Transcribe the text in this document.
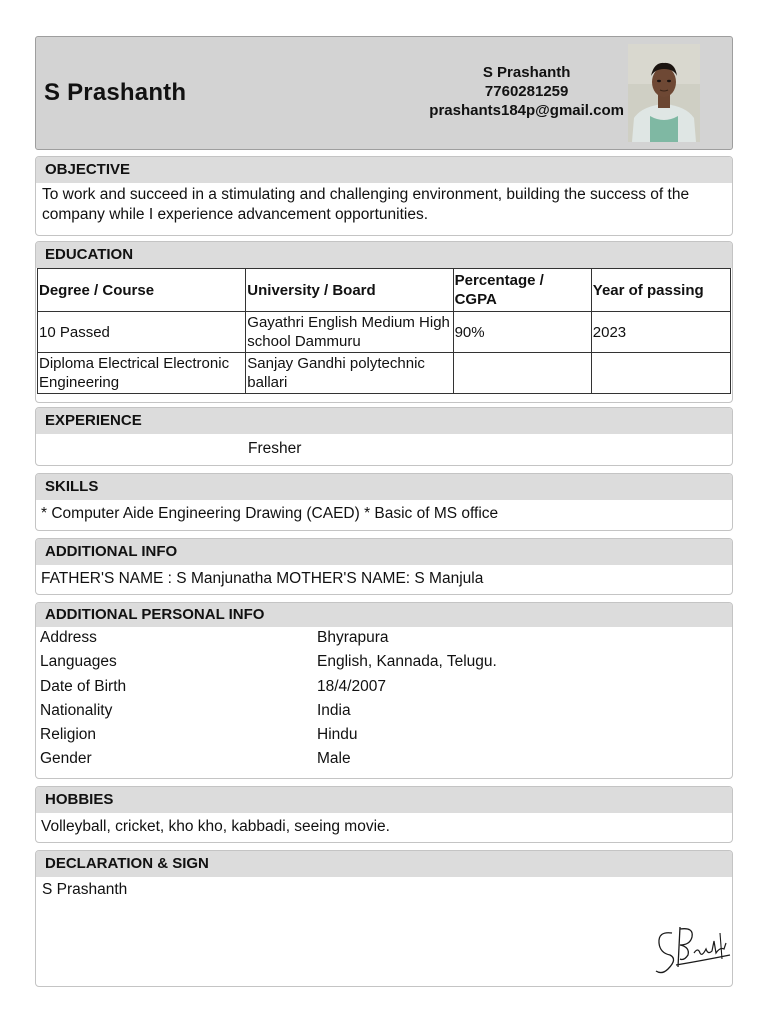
S Prashanth
S Prashanth
7760281259
prashants184p@gmail.com
OBJECTIVE
To work and succeed in a stimulating and challenging environment, building the success of the company while I experience advancement opportunities.
EDUCATION
Degree / Course	University / Board	Percentage / CGPA	Year of passing
10 Passed	Gayathri English Medium High school Dammuru	90%	2023
Diploma Electrical Electronic Engineering	Sanjay Gandhi polytechnic ballari		
EXPERIENCE
Fresher
SKILLS
* Computer Aide Engineering Drawing (CAED) * Basic of MS office
ADDITIONAL INFO
FATHER'S NAME : S Manjunatha MOTHER'S NAME: S Manjula
ADDITIONAL PERSONAL INFO
Address	Bhyrapura
Languages	English, Kannada, Telugu.
Date of Birth	18/4/2007
Nationality	India
Religion	Hindu
Gender	Male
HOBBIES
Volleyball, cricket, kho kho, kabbadi, seeing movie.
DECLARATION & SIGN
S Prashanth
